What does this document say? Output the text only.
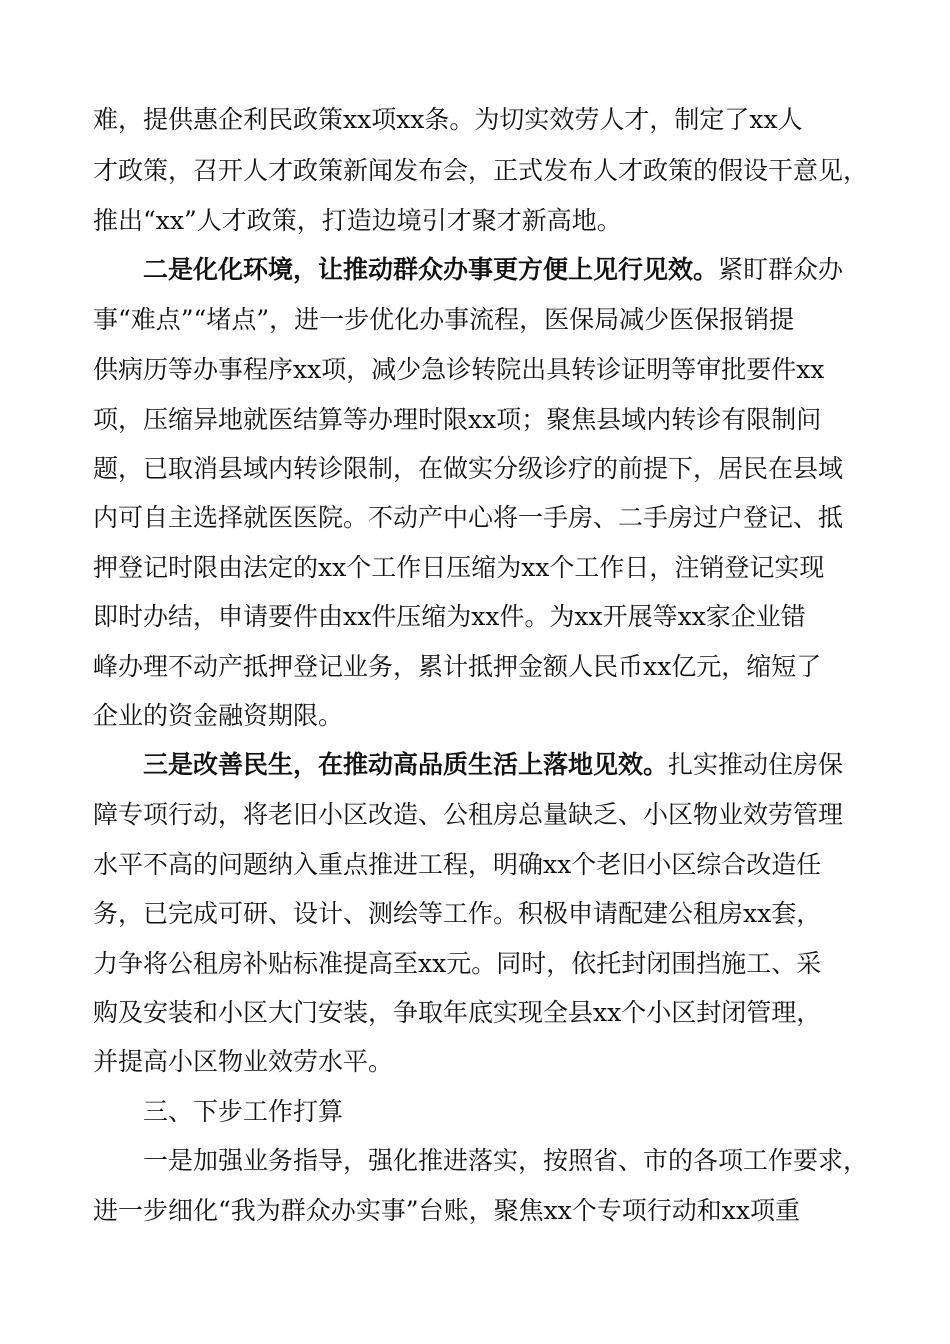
难，提供惠企利民政策xx项xx条。为切实效劳人才，制定了xx人

才政策，召开人才政策新闻发布会，正式发布人才政策的假设干意见，

推出“xx”人才政策，打造边境引才聚才新高地。

二是化化环境，让推动群众办事更方便上见行见效。紧盯群众办

事“难点”“堵点”，进一步优化办事流程，医保局减少医保报销提

供病历等办事程序xx项，减少急诊转院出具转诊证明等审批要件xx

项，压缩异地就医结算等办理时限xx项；聚焦县域内转诊有限制问

题，已取消县域内转诊限制，在做实分级诊疗的前提下，居民在县域

内可自主选择就医医院。不动产中心将一手房、二手房过户登记、抵

押登记时限由法定的xx个工作日压缩为xx个工作日，注销登记实现

即时办结，申请要件由xx件压缩为xx件。为xx开展等xx家企业错

峰办理不动产抵押登记业务，累计抵押金额人民币xx亿元，缩短了

企业的资金融资期限。

三是改善民生，在推动高品质生活上落地见效。扎实推动住房保

障专项行动，将老旧小区改造、公租房总量缺乏、小区物业效劳管理

水平不高的问题纳入重点推进工程，明确xx个老旧小区综合改造任

务，已完成可研、设计、测绘等工作。积极申请配建公租房xx套，

力争将公租房补贴标准提高至xx元。同时，依托封闭围挡施工、采

购及安装和小区大门安装，争取年底实现全县xx个小区封闭管理，

并提高小区物业效劳水平。

三、下步工作打算

一是加强业务指导，强化推进落实，按照省、市的各项工作要求，

进一步细化“我为群众办实事”台账，聚焦xx个专项行动和xx项重
